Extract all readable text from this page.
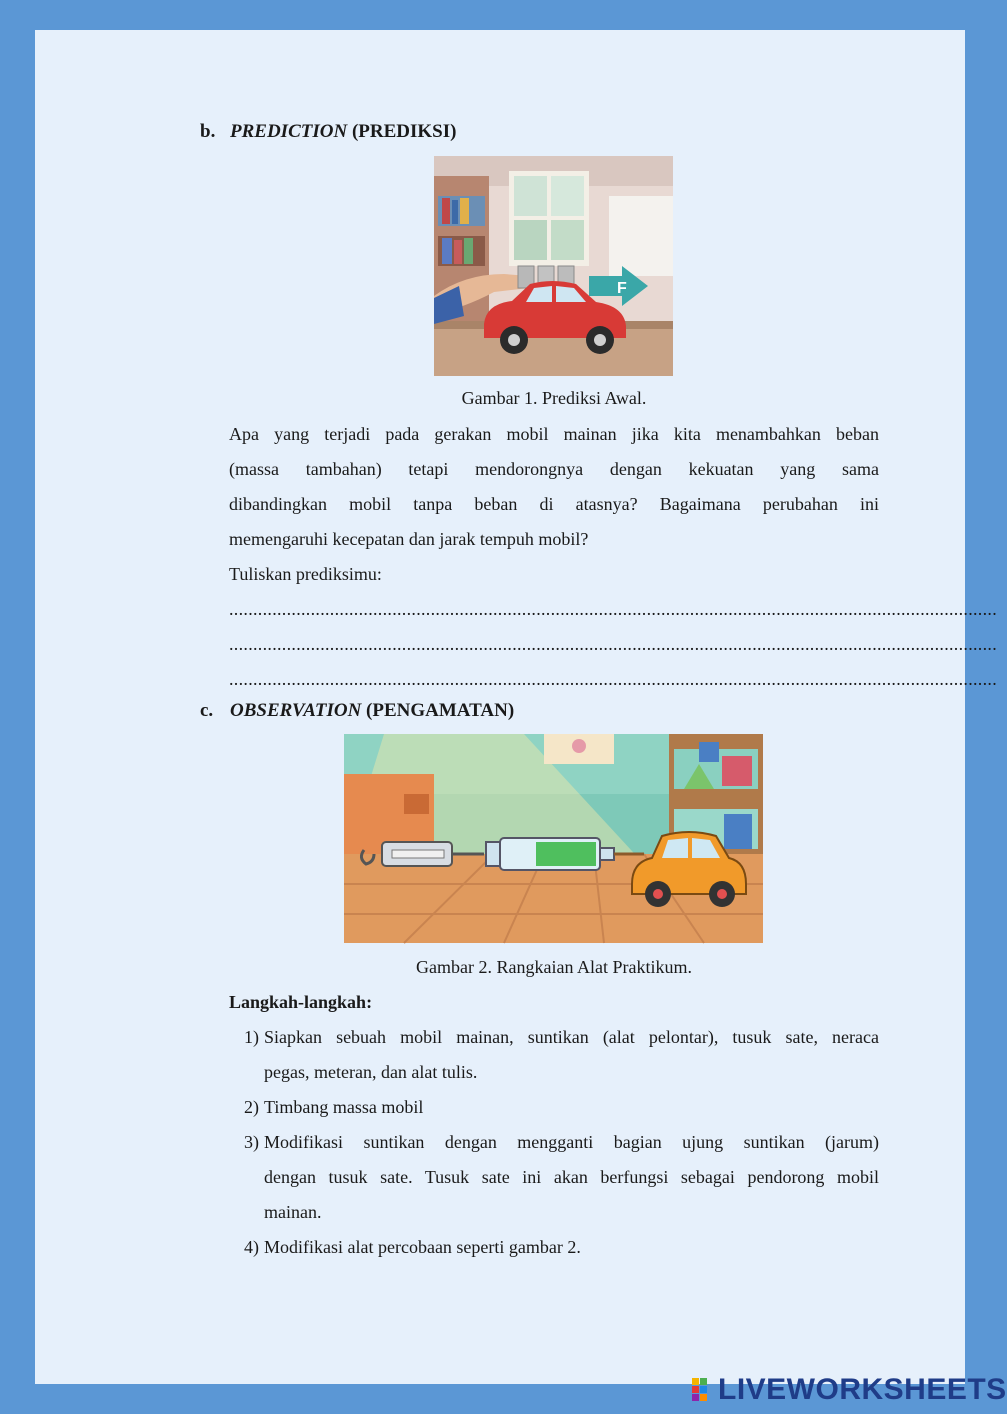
b. PREDICTION (PREDIKSI)
F
Gambar 1. Prediksi Awal.
Apa yang terjadi pada gerakan mobil mainan jika kita menambahkan beban
(massa tambahan) tetapi mendorongnya dengan kekuatan yang sama
dibandingkan mobil tanpa beban di atasnya? Bagaimana perubahan ini
memengaruhi kecepatan dan jarak tempuh mobil?
Tuliskan prediksimu:
................................................................................................................................................................
................................................................................................................................................................
................................................................................................................................................................
c. OBSERVATION (PENGAMATAN)
Gambar 2. Rangkaian Alat Praktikum.
Langkah-langkah:
1) Siapkan sebuah mobil mainan, suntikan (alat pelontar), tusuk sate, neraca
pegas, meteran, dan alat tulis.
2) Timbang massa mobil
3) Modifikasi suntikan dengan mengganti bagian ujung suntikan (jarum)
dengan tusuk sate. Tusuk sate ini akan berfungsi sebagai pendorong mobil
mainan.
4) Modifikasi alat percobaan seperti gambar 2.
LIVEWORKSHEETS
